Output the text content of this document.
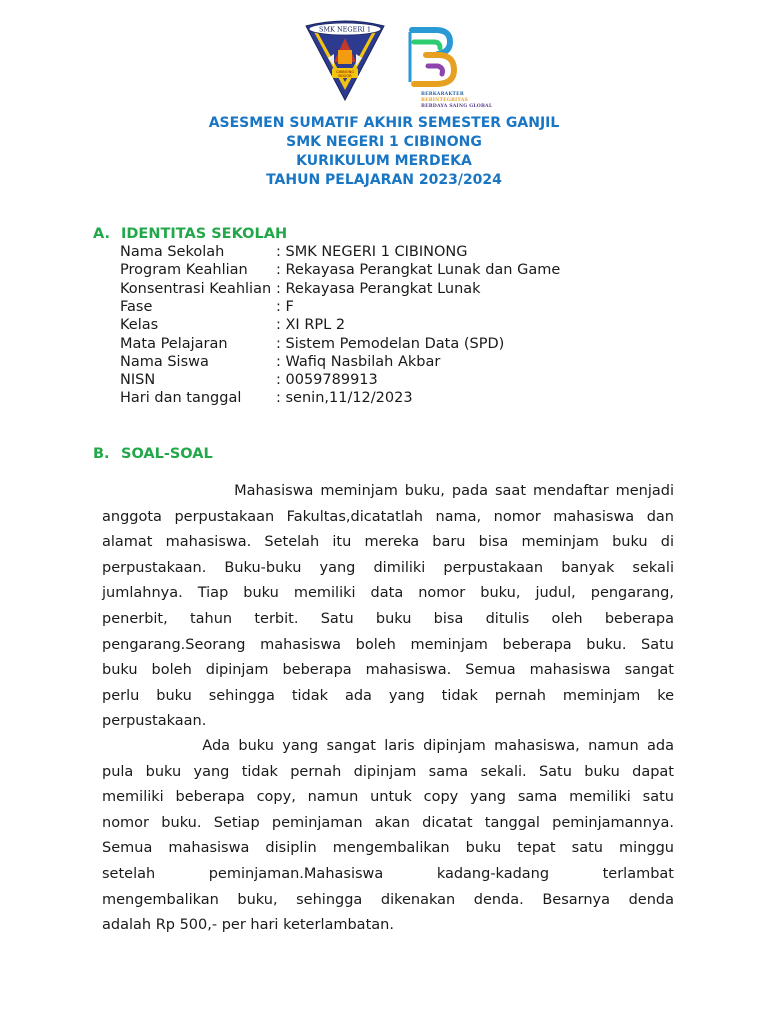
SMK NEGERI 1
CIBINONG
BOGOR
BERKARAKTER
BERINTEGRITAS
BERDAYA SAING GLOBAL
ASESMEN SUMATIF AKHIR SEMESTER GANJIL
SMK NEGERI 1 CIBINONG
KURIKULUM MERDEKA
TAHUN PELAJARAN 2023/2024
A. IDENTITAS SEKOLAH
Nama Sekolah	: SMK NEGERI 1 CIBINONG
Program Keahlian : Rekayasa Perangkat Lunak dan Game
Konsentrasi Keahlian : Rekayasa Perangkat Lunak
Fase	: F
Kelas	: XI RPL 2
Mata Pelajaran	: Sistem Pemodelan Data (SPD)
Nama Siswa	: Wafiq Nasbilah Akbar
NISN	: 0059789913
Hari dan tanggal : senin,11/12/2023
B. SOAL-SOAL
Mahasiswa meminjam buku, pada saat mendaftar menjadi
anggota perpustakaan Fakultas,dicatatlah nama, nomor mahasiswa dan
alamat mahasiswa. Setelah itu mereka baru bisa meminjam buku di
perpustakaan. Buku-buku yang dimiliki perpustakaan banyak sekali
jumlahnya. Tiap buku memiliki data nomor buku, judul, pengarang,
penerbit, tahun terbit. Satu buku bisa ditulis oleh beberapa
pengarang.Seorang mahasiswa boleh meminjam beberapa buku. Satu
buku boleh dipinjam beberapa mahasiswa. Semua mahasiswa sangat
perlu buku sehingga tidak ada yang tidak pernah meminjam ke
perpustakaan.
Ada buku yang sangat laris dipinjam mahasiswa, namun ada
pula buku yang tidak pernah dipinjam sama sekali. Satu buku dapat
memiliki beberapa copy, namun untuk copy yang sama memiliki satu
nomor buku. Setiap peminjaman akan dicatat tanggal peminjamannya.
Semua mahasiswa disiplin mengembalikan buku tepat satu minggu
setelah peminjaman.Mahasiswa kadang-kadang terlambat
mengembalikan buku, sehingga dikenakan denda. Besarnya denda
adalah Rp 500,- per hari keterlambatan.
